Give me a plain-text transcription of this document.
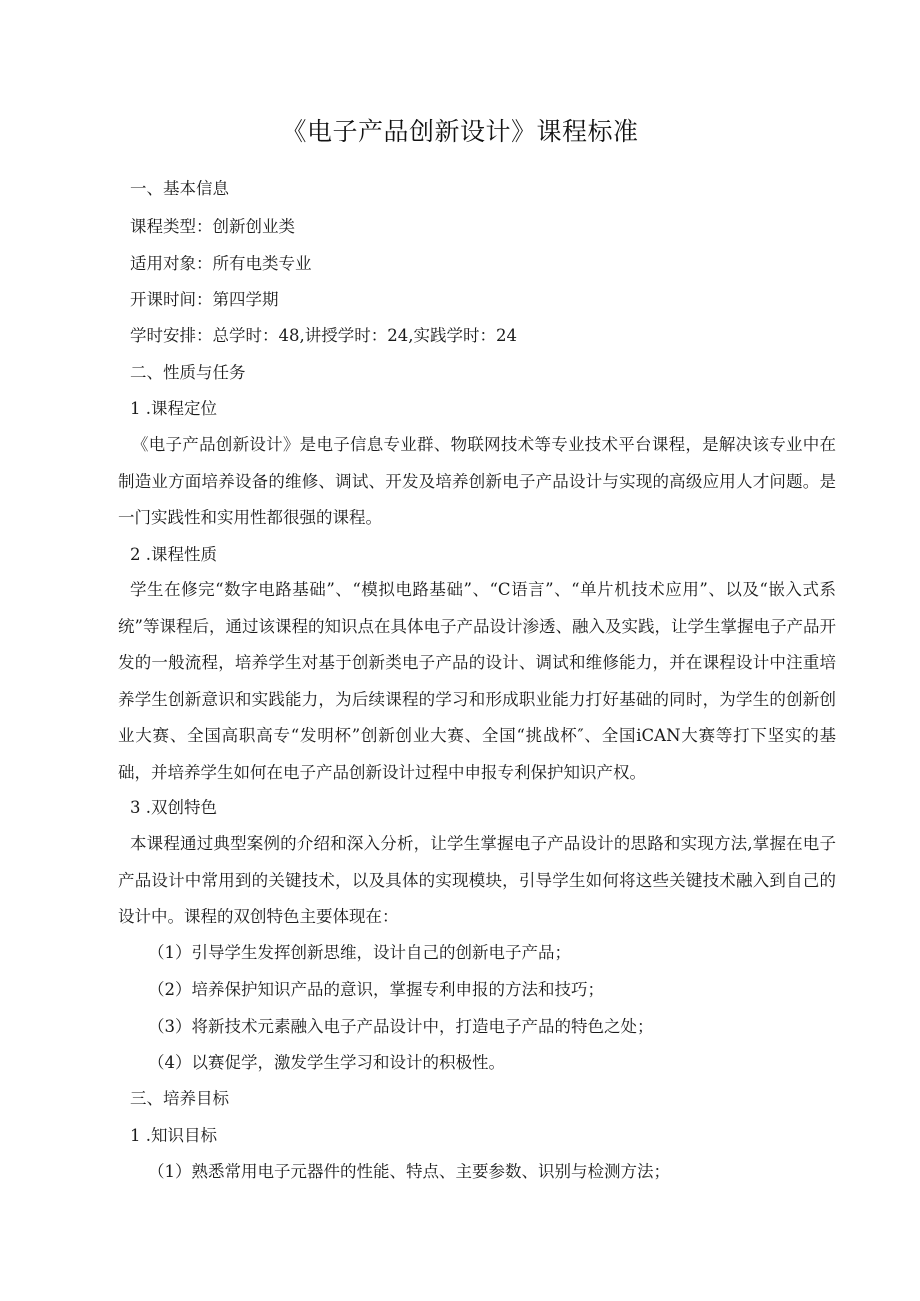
《电子产品创新设计》课程标准
一、基本信息
课程类型：创新创业类
适用对象：所有电类专业
开课时间：第四学期
学时安排：总学时：48,讲授学时：24,实践学时：24
二、性质与任务
1 .课程定位
《电子产品创新设计》是电子信息专业群、物联网技术等专业技术平台课程，是解决该专业中在制造业方面培养设备的维修、调试、开发及培养创新电子产品设计与实现的高级应用人才问题。是一门实践性和实用性都很强的课程。
2 .课程性质
学生在修完“数字电路基础”、“模拟电路基础”、“C语言”、“单片机技术应用”、以及“嵌入式系统”等课程后，通过该课程的知识点在具体电子产品设计渗透、融入及实践，让学生掌握电子产品开发的一般流程，培养学生对基于创新类电子产品的设计、调试和维修能力，并在课程设计中注重培养学生创新意识和实践能力，为后续课程的学习和形成职业能力打好基础的同时，为学生的创新创业大赛、全国高职高专“发明杯”创新创业大赛、全国“挑战杯″、全国iCAN大赛等打下坚实的基础，并培养学生如何在电子产品创新设计过程中申报专利保护知识产权。
3 .双创特色
本课程通过典型案例的介绍和深入分析，让学生掌握电子产品设计的思路和实现方法,掌握在电子产品设计中常用到的关键技术，以及具体的实现模块，引导学生如何将这些关键技术融入到自己的设计中。课程的双创特色主要体现在：
（1）引导学生发挥创新思维，设计自己的创新电子产品；
（2）培养保护知识产品的意识，掌握专利申报的方法和技巧；
（3）将新技术元素融入电子产品设计中，打造电子产品的特色之处；
（4）以赛促学，激发学生学习和设计的积极性。
三、培养目标
1 .知识目标
（1）熟悉常用电子元器件的性能、特点、主要参数、识别与检测方法；
